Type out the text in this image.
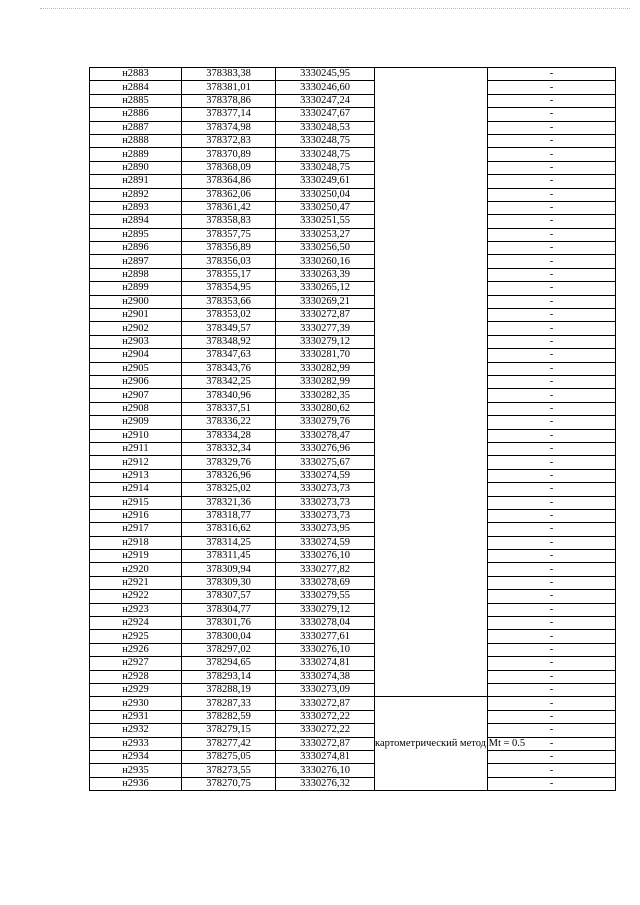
н2883	378383,38	3330245,95		-
н2884	378381,01	3330246,60		-
н2885	378378,86	3330247,24		-
н2886	378377,14	3330247,67		-
н2887	378374,98	3330248,53		-
н2888	378372,83	3330248,75		-
н2889	378370,89	3330248,75		-
н2890	378368,09	3330248,75		-
н2891	378364,86	3330249,61		-
н2892	378362,06	3330250,04		-
н2893	378361,42	3330250,47		-
н2894	378358,83	3330251,55		-
н2895	378357,75	3330253,27		-
н2896	378356,89	3330256,50		-
н2897	378356,03	3330260,16		-
н2898	378355,17	3330263,39		-
н2899	378354,95	3330265,12		-
н2900	378353,66	3330269,21		-
н2901	378353,02	3330272,87		-
н2902	378349,57	3330277,39		-
н2903	378348,92	3330279,12		-
н2904	378347,63	3330281,70		-
н2905	378343,76	3330282,99		-
н2906	378342,25	3330282,99		-
н2907	378340,96	3330282,35		-
н2908	378337,51	3330280,62		-
н2909	378336,22	3330279,76		-
н2910	378334,28	3330278,47		-
н2911	378332,34	3330276,96		-
н2912	378329,76	3330275,67		-
н2913	378326,96	3330274,59		-
н2914	378325,02	3330273,73		-
н2915	378321,36	3330273,73		-
н2916	378318,77	3330273,73		-
н2917	378316,62	3330273,95		-
н2918	378314,25	3330274,59		-
н2919	378311,45	3330276,10		-
н2920	378309,94	3330277,82		-
н2921	378309,30	3330278,69		-
н2922	378307,57	3330279,55		-
н2923	378304,77	3330279,12		-
н2924	378301,76	3330278,04		-
н2925	378300,04	3330277,61		-
н2926	378297,02	3330276,10		-
н2927	378294,65	3330274,81		-
н2928	378293,14	3330274,38		-
н2929	378288,19	3330273,09		-
н2930	378287,33	3330272,87	картометрический метод Mt = 0.5	-
н2931	378282,59	3330272,22		-
н2932	378279,15	3330272,22		-
н2933	378277,42	3330272,87		-
н2934	378275,05	3330274,81		-
н2935	378273,55	3330276,10		-
н2936	378270,75	3330276,32		-
